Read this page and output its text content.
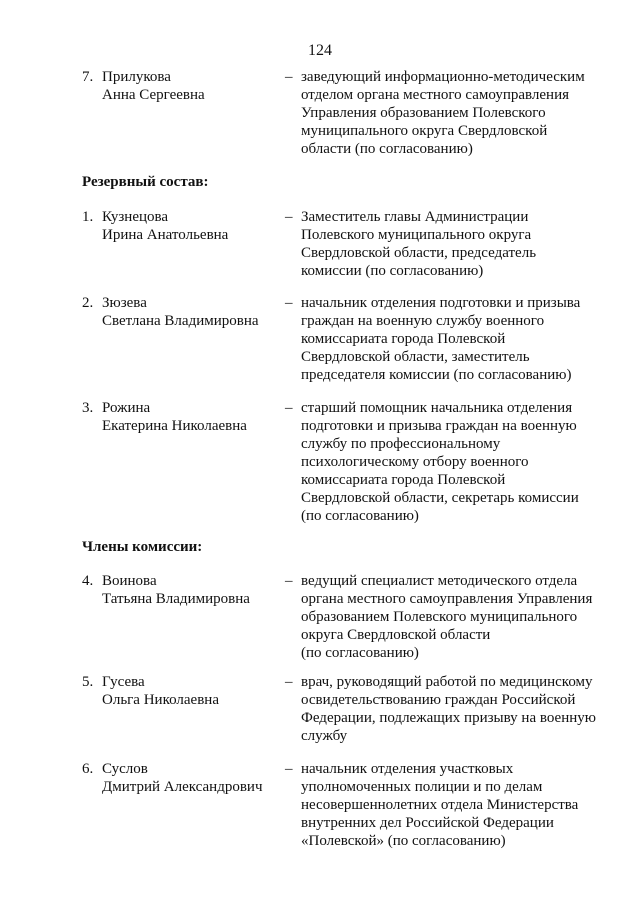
124
7. Прилукова
Анна Сергеевна
– заведующий информационно-методическим
отделом органа местного самоуправления
Управления образованием Полевского
муниципального округа Свердловской
области (по согласованию)
Резервный состав:
1. Кузнецова
Ирина Анатольевна
– Заместитель главы Администрации
Полевского муниципального округа
Свердловской области, председатель
комиссии (по согласованию)
2. Зюзева
Светлана Владимировна
– начальник отделения подготовки и призыва
граждан на военную службу военного
комиссариата города Полевской
Свердловской области, заместитель
председателя комиссии (по согласованию)
3. Рожина
Екатерина Николаевна
– старший помощник начальника отделения
подготовки и призыва граждан на военную
службу по профессиональному
психологическому отбору военного
комиссариата города Полевской
Свердловской области, секретарь комиссии
(по согласованию)
Члены комиссии:
4. Воинова
Татьяна Владимировна
– ведущий специалист методического отдела
органа местного самоуправления Управления
образованием Полевского муниципального
округа Свердловской области
(по согласованию)
5. Гусева
Ольга Николаевна
– врач, руководящий работой по медицинскому
освидетельствованию граждан Российской
Федерации, подлежащих призыву на военную
службу
6. Суслов
Дмитрий Александрович
– начальник отделения участковых
уполномоченных полиции и по делам
несовершеннолетних отдела Министерства
внутренних дел Российской Федерации
«Полевской» (по согласованию)
